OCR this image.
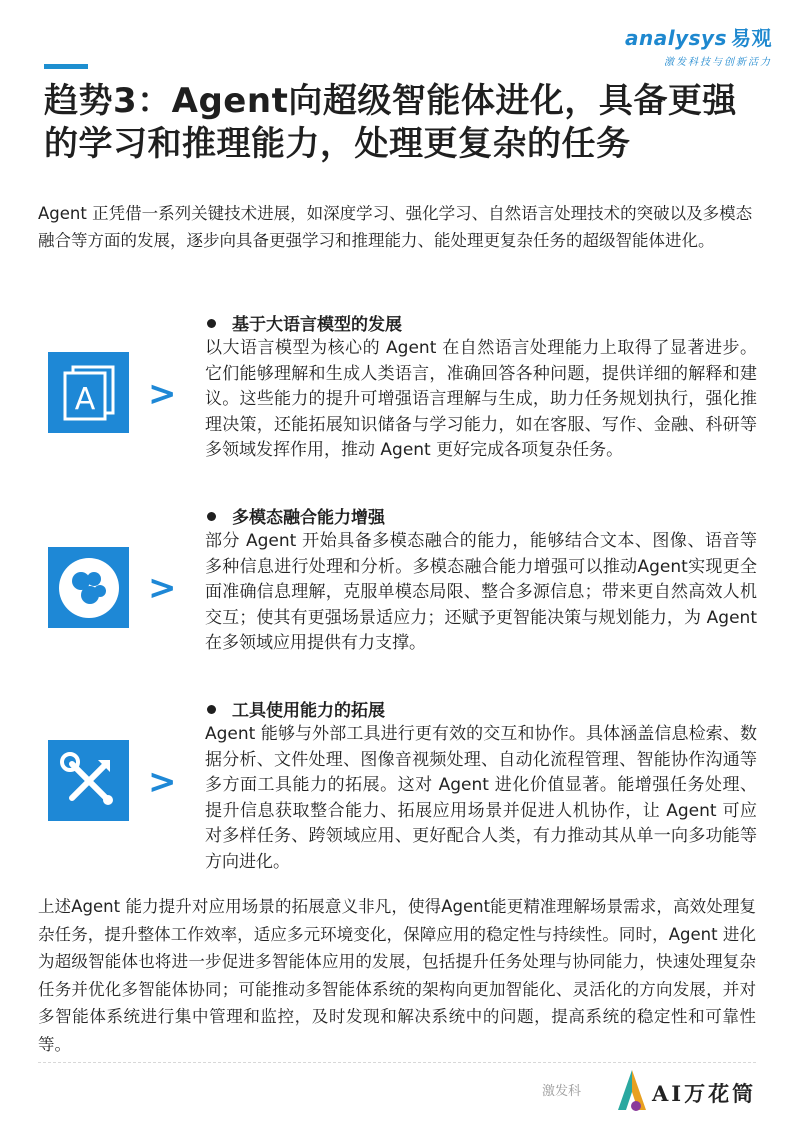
analysys 易观
激发科技与创新活力
趋势3：Agent向超级智能体进化，具备更强的学习和推理能力，处理更复杂的任务

Agent 正凭借一系列关键技术进展，如深度学习、强化学习、自然语言处理技术的突破以及多模态融合等方面的发展，逐步向具备更强学习和推理能力、能处理更复杂任务的超级智能体进化。

A >
基于大语言模型的发展

以大语言模型为核心的 Agent 在自然语言处理能力上取得了显著进步。它们能够理解和生成人类语言，准确回答各种问题，提供详细的解释和建议。这些能力的提升可增强语言理解与生成，助力任务规划执行，强化推理决策，还能拓展知识储备与学习能力，如在客服、写作、金融、科研等多领域发挥作用，推动 Agent 更好完成各项复杂任务。

>
多模态融合能力增强

部分 Agent 开始具备多模态融合的能力，能够结合文本、图像、语音等多种信息进行处理和分析。多模态融合能力增强可以推动Agent实现更全面准确信息理解，克服单模态局限、整合多源信息；带来更自然高效人机交互；使其有更强场景适应力；还赋予更智能决策与规划能力，为 Agent 在多领域应用提供有力支撑。

>
工具使用能力的拓展

Agent 能够与外部工具进行更有效的交互和协作。具体涵盖信息检索、数据分析、文件处理、图像音视频处理、自动化流程管理、智能协作沟通等多方面工具能力的拓展。这对 Agent 进化价值显著。能增强任务处理、提升信息获取整合能力、拓展应用场景并促进人机协作，让 Agent 可应对多样任务、跨领域应用、更好配合人类，有力推动其从单一向多功能等方向进化。

上述Agent 能力提升对应用场景的拓展意义非凡，使得Agent能更精准理解场景需求，高效处理复杂任务，提升整体工作效率，适应多元环境变化，保障应用的稳定性与持续性。同时，Agent 进化为超级智能体也将进一步促进多智能体应用的发展，包括提升任务处理与协同能力，快速处理复杂任务并优化多智能体协同；可能推动多智能体系统的架构向更加智能化、灵活化的方向发展，并对多智能体系统进行集中管理和监控，及时发现和解决系统中的问题，提高系统的稳定性和可靠性等。

激发科	AI万花筒
